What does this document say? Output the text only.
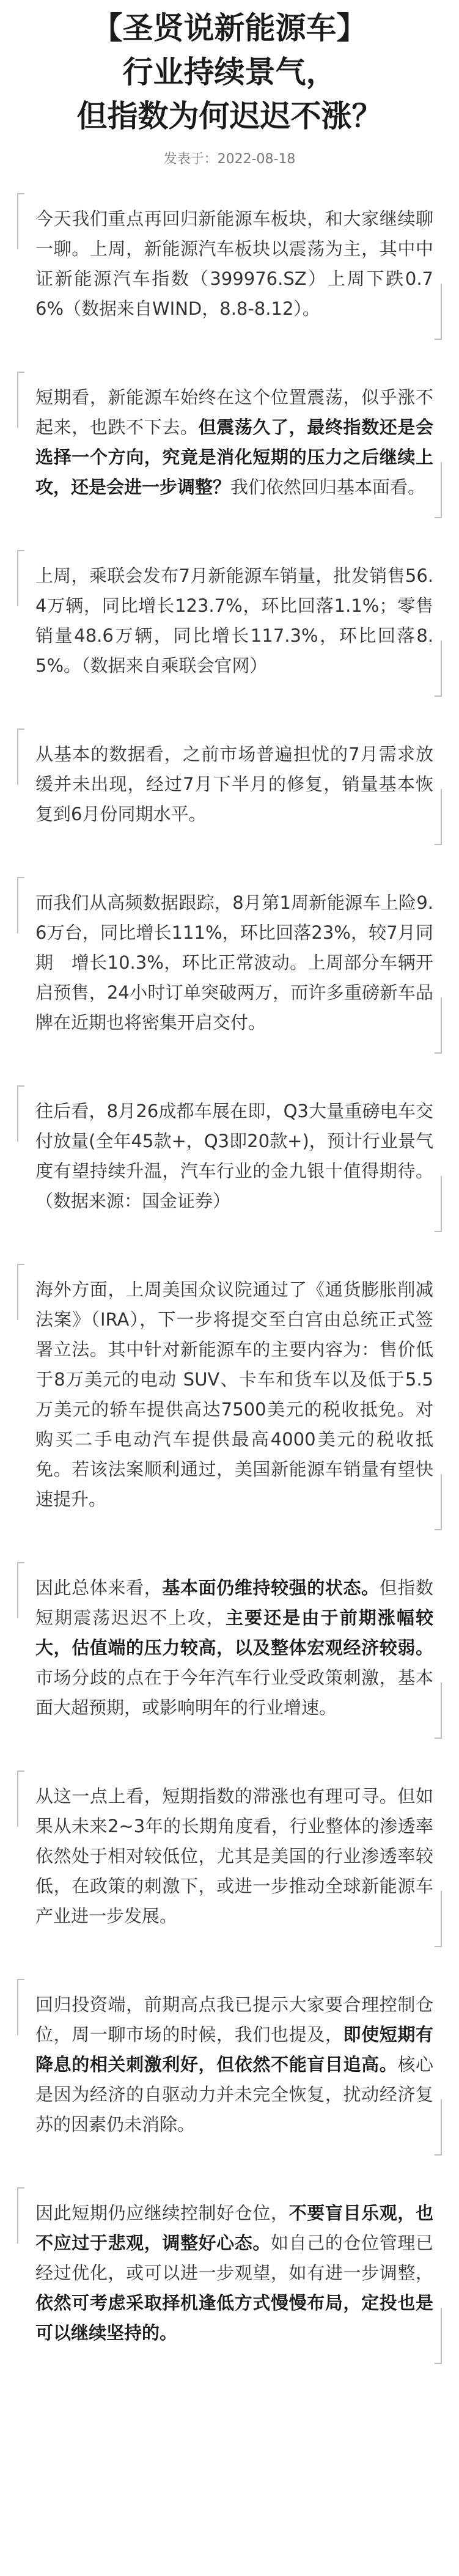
【圣贤说新能源车】
行业持续景气，
但指数为何迟迟不涨？
发表于：2022-08-18
今天我们重点再回归新能源车板块，和大家继续聊一聊。上周，新能源汽车板块以震荡为主，其中中证新能源汽车指数（399976.SZ）上周下跌0.76%（数据来自WIND，8.8-8.12）。
短期看，新能源车始终在这个位置震荡，似乎涨不起来，也跌不下去。但震荡久了，最终指数还是会选择一个方向，究竟是消化短期的压力之后继续上攻，还是会进一步调整？我们依然回归基本面看。
上周，乘联会发布7月新能源车销量，批发销售56.4万辆，同比增长123.7%，环比回落1.1%；零售销量48.6万辆，同比增长117.3%，环比回落8.5%。（数据来自乘联会官网）
从基本的数据看，之前市场普遍担忧的7月需求放缓并未出现，经过7月下半月的修复，销量基本恢复到6月份同期水平。
而我们从高频数据跟踪，8月第1周新能源车上险9.6万台，同比增长111%，环比回落23%，较7月同期　增长10.3%，环比正常波动。上周部分车辆开启预售，24小时订单突破两万，而许多重磅新车品牌在近期也将密集开启交付。
往后看，8月26成都车展在即，Q3大量重磅电车交付放量(全年45款+，Q3即20款+)，预计行业景气度有望持续升温，汽车行业的金九银十值得期待。（数据来源：国金证券）
海外方面，上周美国众议院通过了《通货膨胀削减法案》（IRA），下一步将提交至白宫由总统正式签署立法。其中针对新能源车的主要内容为：售价低于8万美元的电动 SUV、卡车和货车以及低于5.5万美元的轿车提供高达7500美元的税收抵免。对购买二手电动汽车提供最高4000美元的税收抵免。若该法案顺利通过，美国新能源车销量有望快速提升。
因此总体来看，基本面仍维持较强的状态。但指数短期震荡迟迟不上攻，主要还是由于前期涨幅较大，估值端的压力较高，以及整体宏观经济较弱。市场分歧的点在于今年汽车行业受政策刺激，基本面大超预期，或影响明年的行业增速。
从这一点上看，短期指数的滞涨也有理可寻。但如果从未来2~3年的长期角度看，行业整体的渗透率依然处于相对较低位，尤其是美国的行业渗透率较低，在政策的刺激下，或进一步推动全球新能源车产业进一步发展。
回归投资端，前期高点我已提示大家要合理控制仓位，周一聊市场的时候，我们也提及，即使短期有降息的相关刺激利好，但依然不能盲目追高。核心是因为经济的自驱动力并未完全恢复，扰动经济复苏的因素仍未消除。
因此短期仍应继续控制好仓位，不要盲目乐观，也不应过于悲观，调整好心态。如自己的仓位管理已经过优化，或可以进一步观望，如有进一步调整，依然可考虑采取择机逢低方式慢慢布局，定投也是可以继续坚持的。
